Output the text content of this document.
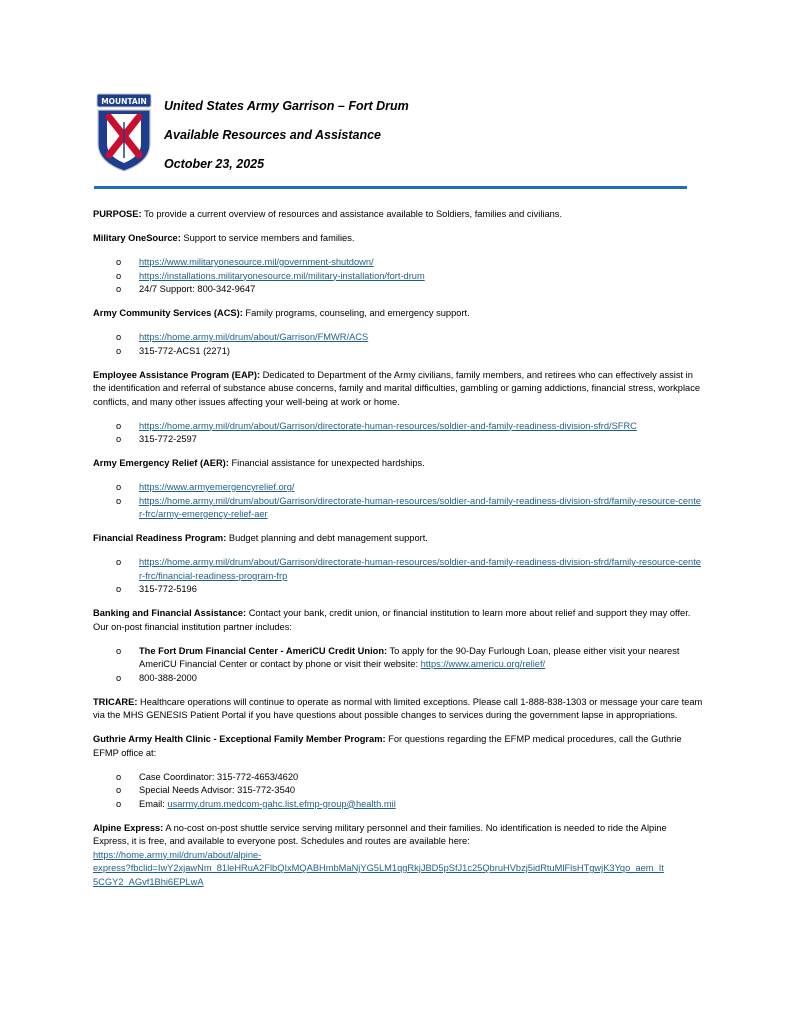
MOUNTAIN United States Army Garrison – Fort Drum
Available Resources and Assistance
October 23, 2025

PURPOSE: To provide a current overview of resources and assistance available to Soldiers, families and civilians.

Military OneSource: Support to service members and families.

o https://www.militaryonesource.mil/government-shutdown/
o https://installations.militaryonesource.mil/military-installation/fort-drum
o 24/7 Support: 800-342-9647

Army Community Services (ACS): Family programs, counseling, and emergency support.

o https://home.army.mil/drum/about/Garrison/FMWR/ACS
o 315-772-ACS1 (2271)

Employee Assistance Program (EAP): Dedicated to Department of the Army civilians, family members, and retirees who can effectively assist in the identification and referral of substance abuse concerns, family and marital difficulties, gambling or gaming addictions, financial stress, workplace conflicts, and many other issues affecting your well-being at work or home.

o https://home.army.mil/drum/about/Garrison/directorate-human-resources/soldier-and-family-readiness-division-sfrd/SFRC
o 315-772-2597

Army Emergency Relief (AER): Financial assistance for unexpected hardships.

o https://www.armyemergencyrelief.org/
o https://home.army.mil/drum/about/Garrison/directorate-human-resources/soldier-and-family-readiness-division-sfrd/family-resource-center-frc/army-emergency-relief-aer

Financial Readiness Program: Budget planning and debt management support.

o https://home.army.mil/drum/about/Garrison/directorate-human-resources/soldier-and-family-readiness-division-sfrd/family-resource-center-frc/financial-readiness-program-frp
o 315-772-5196

Banking and Financial Assistance: Contact your bank, credit union, or financial institution to learn more about relief and support they may offer. Our on-post financial institution partner includes:

o The Fort Drum Financial Center - AmeriCU Credit Union: To apply for the 90-Day Furlough Loan, please either visit your nearest AmeriCU Financial Center or contact by phone or visit their website: https://www.americu.org/relief/
o 800-388-2000

TRICARE: Healthcare operations will continue to operate as normal with limited exceptions. Please call 1-888-838-1303 or message your care team via the MHS GENESIS Patient Portal if you have questions about possible changes to services during the government lapse in appropriations.

Guthrie Army Health Clinic - Exceptional Family Member Program: For questions regarding the EFMP medical procedures, call the Guthrie EFMP office at:

o Case Coordinator: 315-772-4653/4620
o Special Needs Advisor: 315-772-3540
o Email: usarmy.drum.medcom-gahc.list.efmp-group@health.mil

Alpine Express: A no-cost on-post shuttle service serving military personnel and their families. No identification is needed to ride the Alpine Express, it is free, and available to everyone post. Schedules and routes are available here:

https://home.army.mil/drum/about/alpine-
express?fbclid=IwY2xjawNm_81leHRuA2FlbQIxMQABHmbMaNjYG5LM1qgRkjJBD5pSfJ1c25QbruHVbzj5idRtuMlFlsHTgwjK3Yqo_aem_It
5CGY2_AGvf1Bhi6EPLwA
